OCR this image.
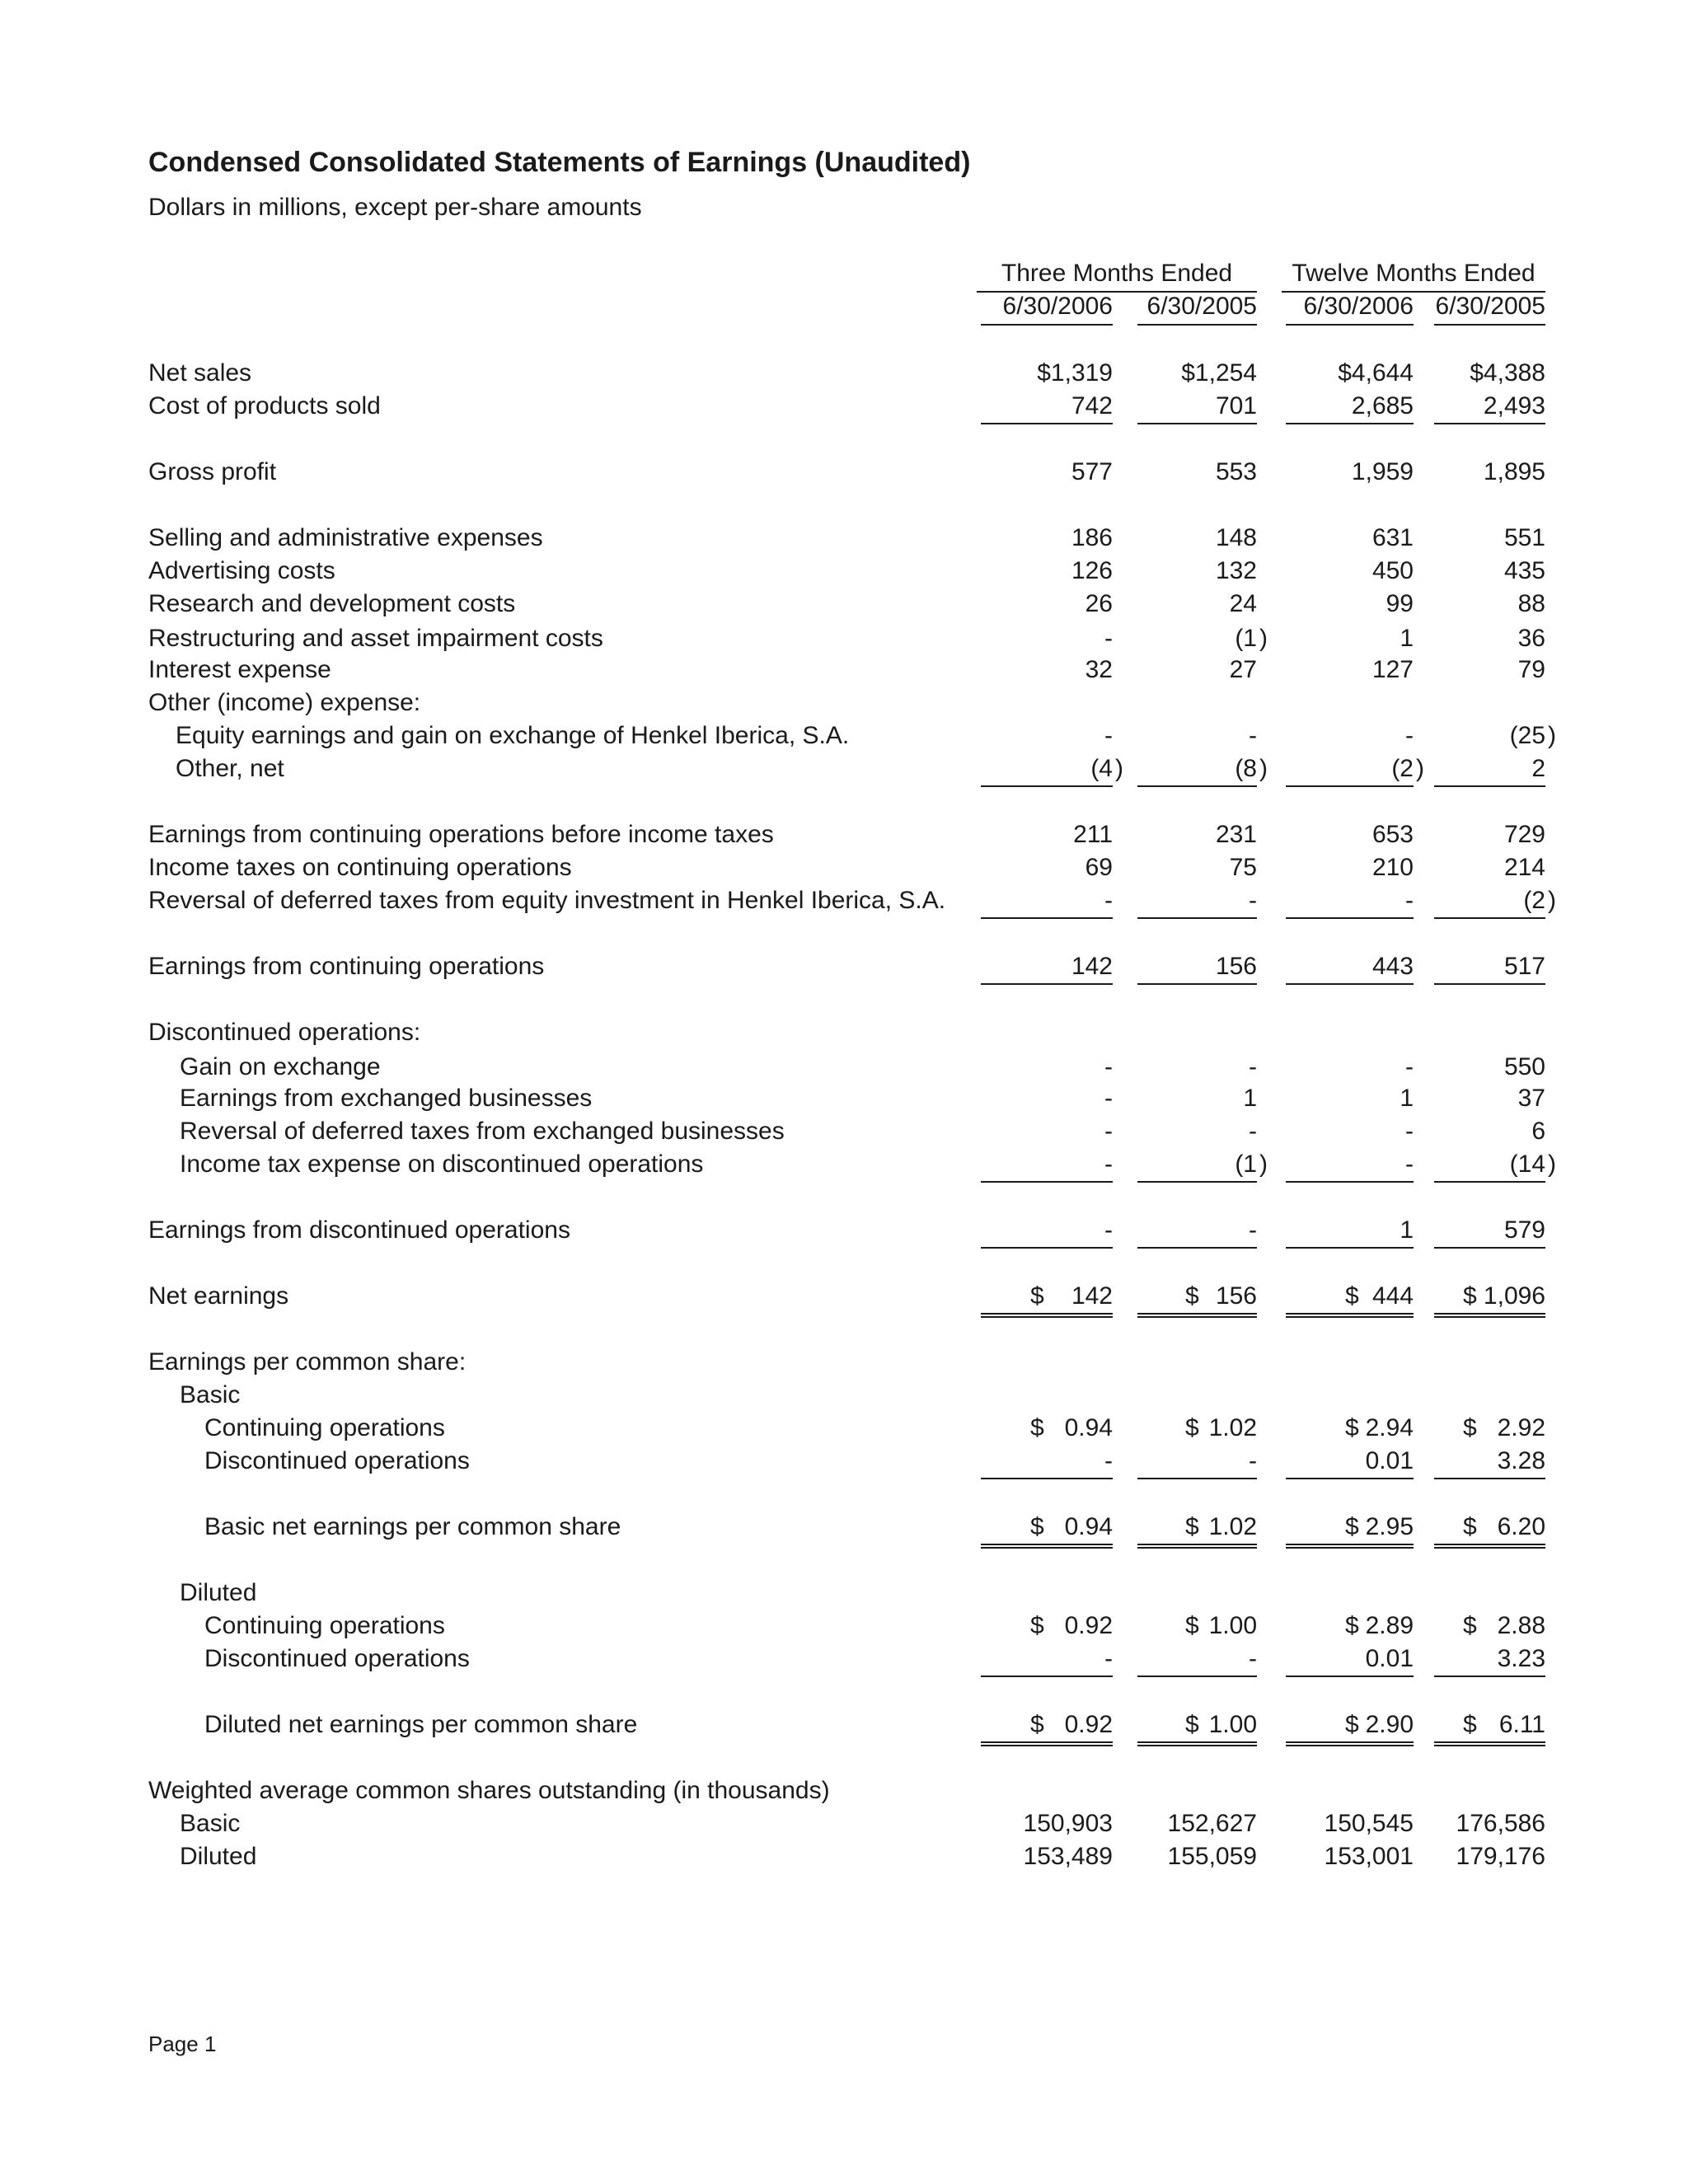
Condensed Consolidated Statements of Earnings (Unaudited)
Dollars in millions, except per-share amounts
Three Months Ended	Twelve Months Ended
6/30/2006	6/30/2005	6/30/2006 6/30/2005
Net sales	$1,319	$1,254	$4,644	$4,388
Cost of products sold	742	701	2,685	2,493
Gross profit	577	553	1,959	1,895
Selling and administrative expenses	186	148	631	551
Advertising costs	126	132	450	435
Research and development costs	26	24	99	88
Restructuring and asset impairment costs	-	(1 )	1	36
Interest expense	32	27	127	79
Other (income) expense:
Equity earnings and gain on exchange of Henkel Iberica, S.A.	-	-	-	(25 )
Other, net	(4 )	(8 )	(2 )	2
Earnings from continuing operations before income taxes	211	231	653	729
Income taxes on continuing operations	69	75	210	214
Reversal of deferred taxes from equity investment in Henkel Iberica, S.A.	-	-	-	(2 )
Earnings from continuing operations	142	156	443	517
Discontinued operations:
Gain on exchange	-	-	-	550
Earnings from exchanged businesses	-	1	1	37
Reversal of deferred taxes from exchanged businesses	-	-	-	6
Income tax expense on discontinued operations	-	(1 )	-	(14 )
Earnings from discontinued operations	-	-	1	579
Net earnings	$ 142	$ 156	$ 444 $ 1,096
Earnings per common share:
Basic
Continuing operations	$ 0.94	$ 1.02	$ 2.94 $ 2.92
Discontinued operations	-	-	0.01	3.28
Basic net earnings per common share	$ 0.94	$ 1.02	$ 2.95 $ 6.20
Diluted
Continuing operations	$ 0.92	$ 1.00	$ 2.89 $ 2.88
Discontinued operations	-	-	0.01	3.23
Diluted net earnings per common share	$ 0.92	$ 1.00	$ 2.90 $ 6.11
Weighted average common shares outstanding (in thousands)
Basic	150,903	152,627	150,545	176,586
Diluted	153,489	155,059	153,001	179,176
Page 1
